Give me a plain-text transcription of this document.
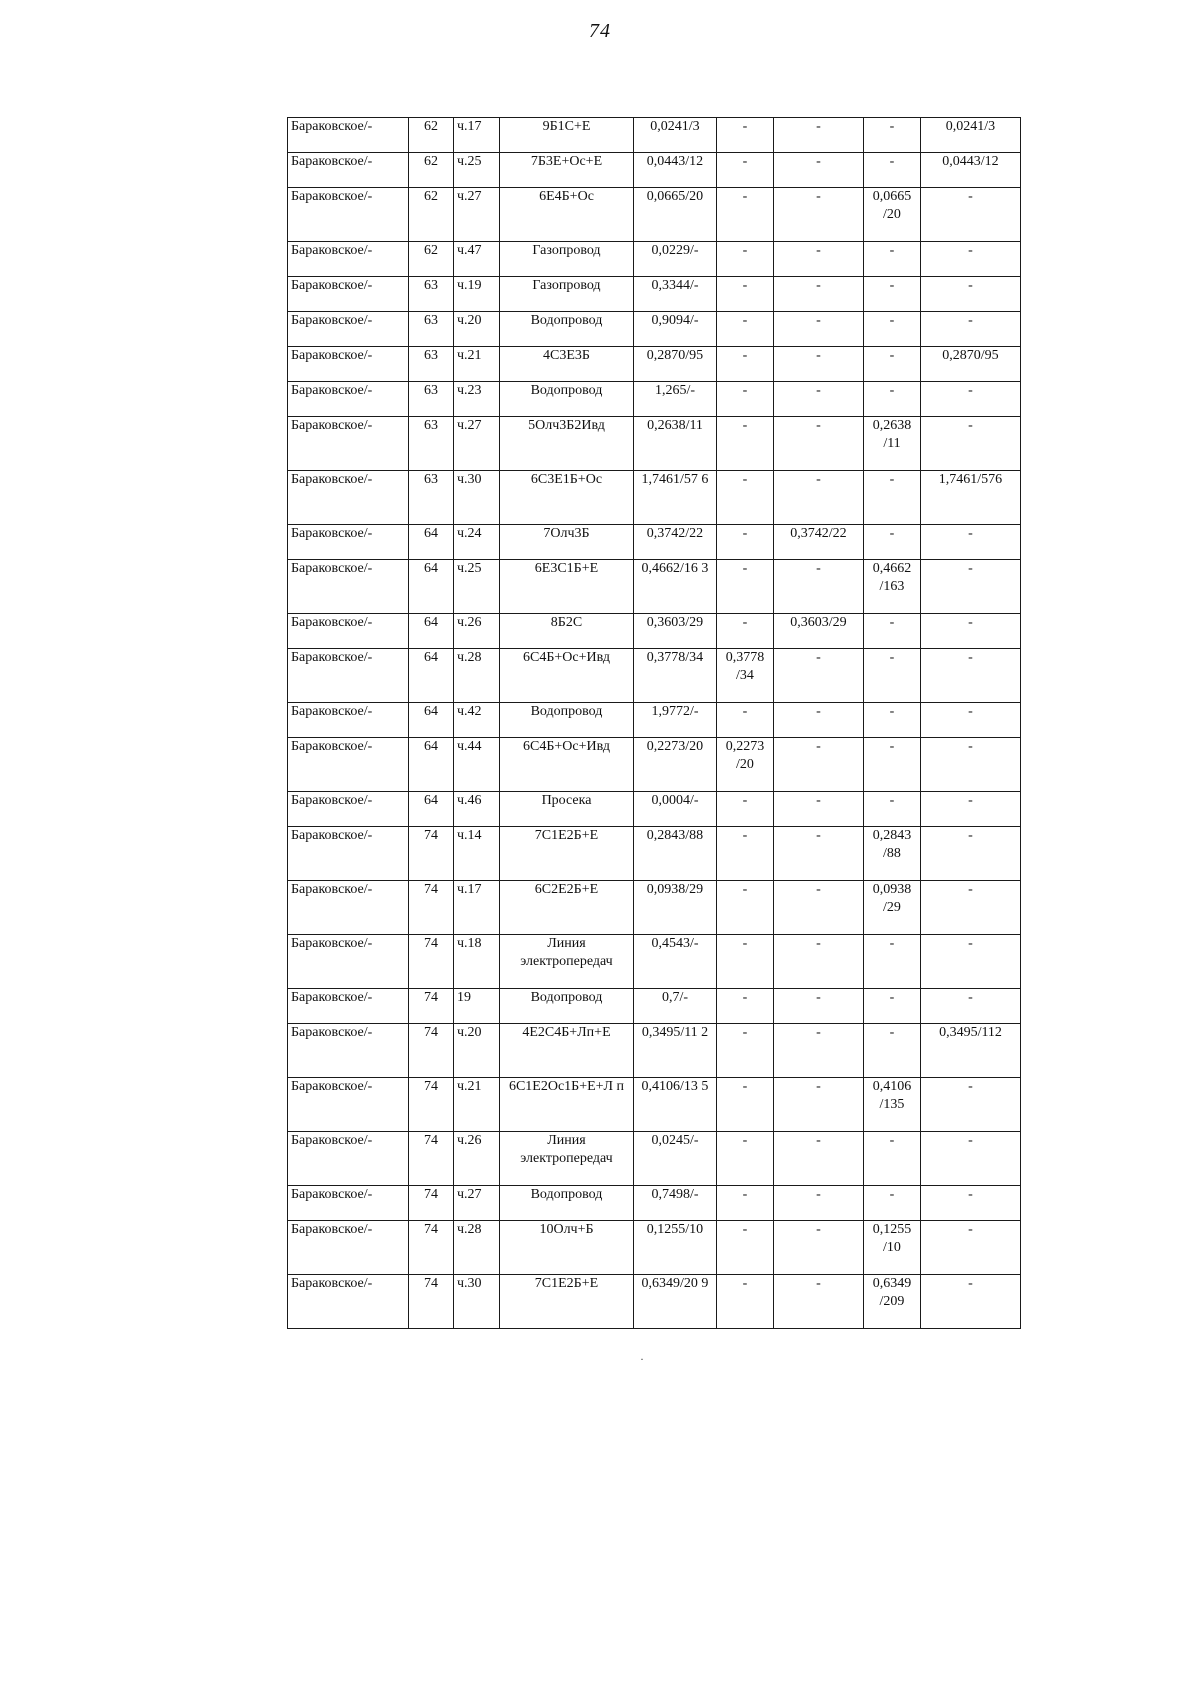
74
Бараковское/-	62	ч.17	9Б1С+Е	0,0241/3	-	-	-	0,0241/3
Бараковское/-	62	ч.25	7Б3Е+Ос+Е	0,0443/12	-	-	-	0,0443/12
Бараковское/-	62	ч.27	6Е4Б+Ос	0,0665/20	-	-	0,0665 /20	-
Бараковское/-	62	ч.47	Газопровод	0,0229/-	-	-	-	-
Бараковское/-	63	ч.19	Газопровод	0,3344/-	-	-	-	-
Бараковское/-	63	ч.20	Водопровод	0,9094/-	-	-	-	-
Бараковское/-	63	ч.21	4С3Е3Б	0,2870/95	-	-	-	0,2870/95
Бараковское/-	63	ч.23	Водопровод	1,265/-	-	-	-	-
Бараковское/-	63	ч.27	5Олч3Б2Ивд	0,2638/11	-	-	0,2638 /11	-
Бараковское/-	63	ч.30	6С3Е1Б+Ос	1,7461/57 6	-	-	-	1,7461/576
Бараковское/-	64	ч.24	7Олч3Б	0,3742/22	-	0,3742/22	-	-
Бараковское/-	64	ч.25	6Е3С1Б+Е	0,4662/16 3	-	-	0,4662 /163	-
Бараковское/-	64	ч.26	8Б2С	0,3603/29	-	0,3603/29	-	-
Бараковское/-	64	ч.28	6С4Б+Ос+Ивд	0,3778/34	0,3778 /34	-	-	-
Бараковское/-	64	ч.42	Водопровод	1,9772/-	-	-	-	-
Бараковское/-	64	ч.44	6С4Б+Ос+Ивд	0,2273/20	0,2273 /20	-	-	-
Бараковское/-	64	ч.46	Просека	0,0004/-	-	-	-	-
Бараковское/-	74	ч.14	7С1Е2Б+Е	0,2843/88	-	-	0,2843 /88	-
Бараковское/-	74	ч.17	6С2Е2Б+Е	0,0938/29	-	-	0,0938 /29	-
Бараковское/-	74	ч.18	Линия электропередач	0,4543/-	-	-	-	-
Бараковское/-	74	19	Водопровод	0,7/-	-	-	-	-
Бараковское/-	74	ч.20	4Е2С4Б+Лп+Е	0,3495/11 2	-	-	-	0,3495/112
Бараковское/-	74	ч.21	6С1Е2Ос1Б+Е+Л п	0,4106/13 5	-	-	0,4106 /135	-
Бараковское/-	74	ч.26	Линия электропередач	0,0245/-	-	-	-	-
Бараковское/-	74	ч.27	Водопровод	0,7498/-	-	-	-	-
Бараковское/-	74	ч.28	10Олч+Б	0,1255/10	-	-	0,1255 /10	-
Бараковское/-	74	ч.30	7С1Е2Б+Е	0,6349/20 9	-	-	0,6349 /209	-
·
